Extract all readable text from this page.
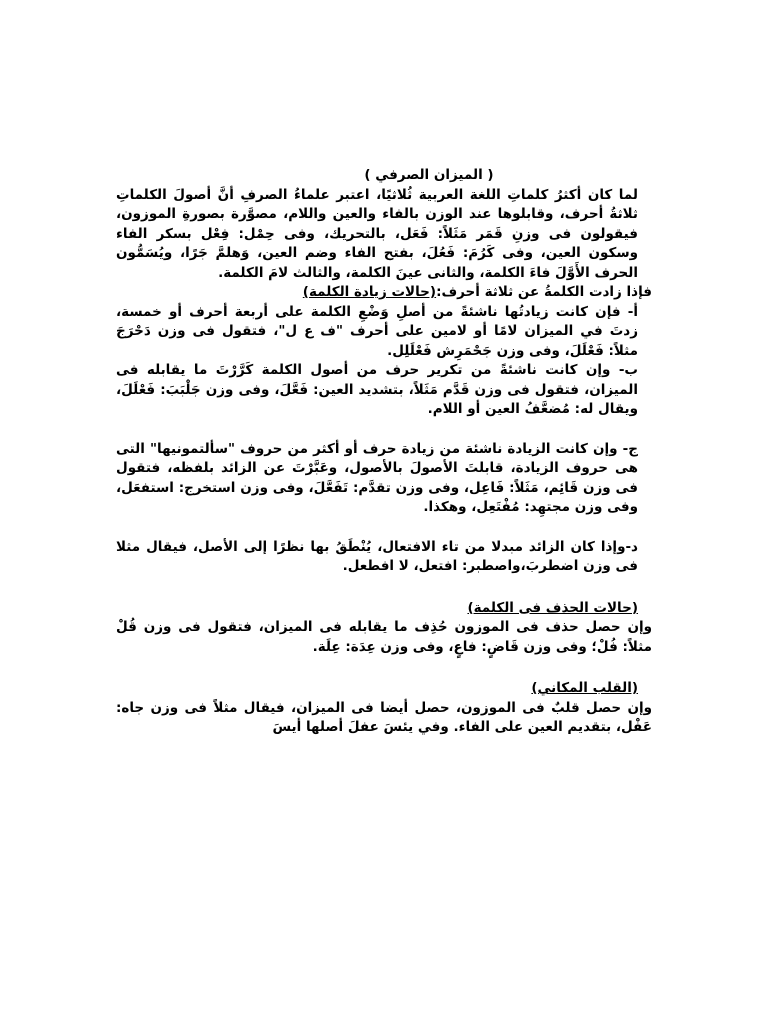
( الميزان الصرفي )

لما كان أكثرُ كلماتِ اللغة العربية ثُلاثيًا، اعتبر علماءُ الصرفِ أنَّ أصولَ الكلماتِ ثلاثةُ أحرف، وقابلوها عند الوزن بالفاء والعين واللام، مصوَّرة بصورةِ الموزون، فيقولون فى وزنِ قَمَر مَثَلاً: فَعَل، بالتحريك، وفى حِمْل: فِعْل بسكر الفاء وسكون العين، وفى كَرُمَ: فَعُلَ، بفتح الفاء وضم العين، وَهلمَّ جَرًا، ويُسَمُّون الحرف الأَوَّلَ فاءَ الكلمة، والثانى عينَ الكلمة، والثالث لامَ الكلمة.

فإذا زادت الكلمةُ عن ثلاثة أحرف:(حالات زيادة الكلمة)

أ- فإن كانت زيادتُها ناشئةً من أصلِ وَضْعِ الكلمة على أربعة أحرف أو خمسة، زدتَ في الميزان لامًا أو لامين على أحرف "ف ع ل"، فتقول فى وزن دَحْرَجَ مثلاً: فَعْلَلَ، وفى وزن جَحْمَرِش فَعْلَلِل.

ب- وإن كانت ناشئةً من تكرير حرف من أصول الكلمة كَرَّرْتَ ما يقابله فى الميزان، فتقول فى وزن قَدَّم مَثَلاً، بتشديد العين: فَعَّلَ، وفى وزن جَلْبَبَ: فَعْلَلَ، ويقال له: مُضعَّفُ العين أو اللام.

ج- وإن كانت الزيادة ناشئة من زيادة حرف أو أكثر من حروف "سألتمونيها" التى هى حروف الزيادة، قابلتَ الأصولَ بالأصول، وعَبَّرْتَ عن الزائد بلفظه، فتقول فى وزن قَائِم، مَثَلاً: فَاعِل، وفى وزن تقدَّم: تَفَعَّلَ، وفى وزن استخرج: استفعَل، وفى وزن مجتهِد: مُفْتَعِل، وهكذا.

د-وإذا كان الزائد مبدلا من تاء الافتعال، يُنْطَقُ بها نظرًا إلى الأصل، فيقال مثلا فى وزن اضطربَ،واصطبر: افتعل، لا افطعل.

(حالات الحذف فى الكلمة)

وإن حصل حذف فى الموزون حُذِف ما يقابله فى الميزان، فتقول فى وزن قُلْ مثلاً: فُلْ؛ وفى وزن قَاضٍ: فاعٍ، وفى وزن عِدَة: عِلَة.

(القلب المكاني)

وإن حصل قلبٌ فى الموزون، حصل أيضا فى الميزان، فيقال مثلاً فى وزن جاه: عَفْل، بتقديم العين على الفاء. وفي يئسَ عفلَ أصلها أيسَ
